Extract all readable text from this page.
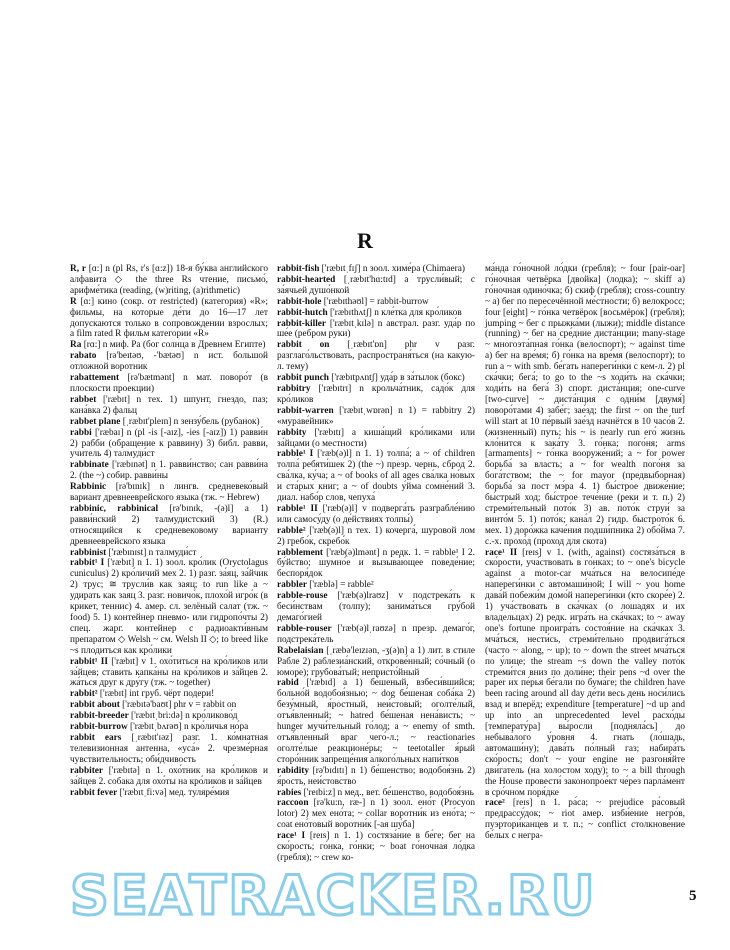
R

R, r [ɑ:] n (pl Rs, r's [ɑ:z]) 18-я бу́ква английского алфавита ◇ the three Rs чтение, письмо́, арифме́тика (reading, (w)riting, (a)rithmetic)

R [ɑ:] кино (сокр. от restricted) (категория) «R»; фильмы, на которые де́ти до 16—17 лет допускаются только в сопровождении взрослых; a film rated R фильм категории «R»

Ra [rɑ:] n миф. Ра (бог солнца в Древнем Египте)

rabato [rə'beɪtəʊ, -'bætəʊ] n ист. большой отложной воротник

rabattement [rə'bætmənt] n мат. поворо́т (в плоскости проекции)

rabbet ['ræbɪt] n тех. 1) шпунт, гнездо, паз; кана́вка 2) фальц

rabbet plane [ˌræbɪt'pleɪn] n зензу́бель (рубанок)

rabbi ['ræbaɪ] n (pl -is [-aɪz], -ies [-aɪz]) 1) равви́н 2) рабби (обращение к раввину) 3) библ. равви, учитель 4) талмуди́ст

rabbinate ['ræbɪnət] n 1. равви́нство; сан равви́на 2. (the ~) собир. равви́ны

Rabbinic [rə'bɪnɪk] n лингв. средневеко́вый вариант древнееврейского языка (тж. ~ Hebrew)

rabbinic, rabbinical [rə'bɪnɪk, -(ə)l] a 1) равви́нский 2) талмудистский 3) (R.) относящийся к средневековому варианту древнееврейского языка

rabbinist ['ræbɪnɪst] n талмуди́ст

rabbit¹ I ['ræbɪt] n 1. 1) зоол. кро́лик (Oryctolagus cuniculus) 2) кро́личий мех 2. 1) разг. за́яц, за́йчик 2) трус; ≅ трусли́в как заяц; to run like a ~ удирать как заяц 3. разг. новичо́к, плохо́й игро́к (в крикет, теннис) 4. амер. сл. зелёный салат (тж. ~ food) 5. 1) контейнер пневмо- или гидропо́чты 2) спец. жарг. контейнер с радиоакти́вным препаратом ◇ Welsh ~ см. Welsh II ◇; to breed like ~s плодиться как кро́лики

rabbit¹ II ['ræbɪt] v 1. охо́титься на кро́ликов или за́йцев; ставить капка́ны на кро́ликов и за́йцев 2. жа́ться друг к дру́гу (тж. ~ together)

rabbit² ['ræbɪt] int груб. чёрт подери!

rabbit about ['ræbɪtə'baʊt] phr v = rabbit on

rabbit-breeder ['ræbɪtˌbri:də] n кро́ликово́д

rabbit-burrow ['ræbɪtˌbʌrəʊ] n кро́личья но́ра

rabbit ears [ˌræbɪt'ɪəz] разг. 1. ко́мнатная телевизионная антенна, «уса́» 2. чрезме́рная чувствительность; оби́дчивость

rabbiter ['ræbɪtə] n 1. охо́тник на кро́ликов и за́йцев 2. собака для охо́ты на кро́ликов и за́йцев

rabbit fever ['ræbɪtˌfi:və] мед. туляре́мия

rabbit-fish ['ræbɪtˌfɪʃ] n зоол. химе́ра (Chimaera)

rabbit-hearted [ˌræbɪt'hɑ:tɪd] a трусли́вый; с за́ячьей душо́нкой

rabbit-hole ['ræbɪthəʊl] = rabbit-burrow

rabbit-hutch ['ræbɪthʌtʃ] n кле́тка для кро́ликов

rabbit-killer ['ræbɪtˌkɪlə] n австрал. разг. уда́р по ше́е (ребром руки)

rabbit on [ˌræbɪt'ɒn] phr v разг. разглаго́льствовать, распространя́ться (на какую-л. тему)

rabbit punch ['ræbɪtpʌntʃ] уда́р в за́тылок (бокс)

rabbitry ['ræbɪtrɪ] n крольча́тник, садо́к для кро́ликов

rabbit-warren ['ræbɪtˌwɒrən] n 1) = rabbitry 2) «мураве́йник»

rabbity ['ræbɪtɪ] a киша́щий кро́ликами или за́йцами (о местности)

rabble¹ I ['ræb(ə)l] n 1. 1) толпа́; a ~ of children толпа́ ребяти́шек 2) (the ~) презр. чернь, сброд 2. сва́лка, ку́ча; a ~ of books of all ages сва́лка но́вых и ста́рых книг; a ~ of doubts у́йма сомне́ний 3. диал. набо́р слов, чепуха́

rabble¹ II ['ræb(ə)l] v подверга́ть разграбле́нию или самосу́ду (о де́йствиях толпы́)

rabble² ['ræb(ə)l] n тех. 1) кочерга́, шуровой лом 2) гребо́к, скребо́к

rabblement ['ræb(ə)lmənt] n редк. 1. = rabble¹ I 2. бу́йство; шумно́е и вызыва́ющее поведе́ние; беспоря́док

rabbler ['ræblə] = rabble²

rabble-rouse ['ræb(ə)lraʊz] v подстрека́ть к беси́нствам (толпу); занима́ться гру́бой демаго́гией

rabble-rouser ['ræb(ə)lˌraʊzə] n презр. демаго́г, подстрека́тель

Rabelaisian [ˌræbə'leɪzɪən, -ʒ(ə)n] a 1) лит. в стиле Рабле 2) раблезиа́нский, открове́нный; со́чный (о юморе); грубова́тый; непристо́йный

rabid ['ræbɪd] a 1) бе́шеный, взбеси́вшийся; больно́й водобоя́знью; ~ dog бе́шеная соба́ка 2) безу́мный, я́ростный, неи́стовый; оголте́лый, отъя́вленный; ~ hatred бе́шеная нена́висть; ~ hunger мучи́тельный го́лод; a ~ enemy of smth. отъя́вленный враг чего́-л.; ~ reactionaries оголте́лые реакционе́ры; ~ teetotaller я́рый сторо́нник запреще́ния алкого́льных напи́тков

rabidity [rə'bɪdɪtɪ] n 1) бе́шенство; водобоя́знь 2) я́рость, неи́стовство

rabies ['reɪbi:z] n мед., вет. бе́шенство, водобоя́знь

raccoon [rə'ku:n, ræ-] n 1) зоол. ено́т (Procyon lotor) 2) мех ено́та; ~ collar воротни́к из ено́та; ~ coat ено́товый воротни́к [-ая шу́ба]

race¹ I [reɪs] n 1. 1) состяза́ние в бе́ге; бег на ско́рость; го́нка, го́нки; ~ boat го́ночная ло́дка (гребля); ~ crew ко-

ма́нда го́ночной ло́дки (гребля); ~ four [pair-oar] го́ночная четвёрка [двойка] (лодка); ~ skiff a) го́ночная одино́чка; б) скиф (гребля); cross-country ~ a) бег по пересечённой ме́стности; б) велокросс; four [eight] ~ го́нка четвёрок [восьмёрок] (гребля); jumping ~ бег с прыжка́ми (лыжи); middle distance (running) ~ бег на сре́дние диста́нции; many-stage ~ многоэта́пная го́нка (велоспорт); ~ against time a) бег на вре́мя; б) го́нка на вре́мя (велоспорт); to run a ~ with smb. бе́гать напереги́нки с кем-л. 2) pl ска́чки; бега́; to go to the ~s ходи́ть на ска́чки; ходи́ть на бега́ 3) спорт. диста́нция; one-curve [two-curve] ~ диста́нция с одни́м [двумя́] поворо́тами 4) забе́г; зае́зд; the first ~ on the turf will start at 10 пе́рвый зае́зд начнётся в 10 часо́в 2. (жизненный) путь; his ~ is nearly run его́ жизнь кло́нится к зака́ту 3. го́нка; пого́ня; arms [armaments] ~ го́нка вооруже́ний; a ~ for power борьба́ за власть; a ~ for wealth пого́ня за бога́тством; the ~ for mayor (предвыборная) борьба́ за пост мэ́ра 4. 1) бы́строе движе́ние; бы́стрый ход; бы́строе тече́ние (реки и т. п.) 2) стреми́тельный пото́к 3) ав. пото́к струи́ за винто́м 5. 1) пото́к; кана́л 2) гидр. быстрото́к 6. мех. 1) доро́жка каче́ния подши́пника 2) обо́йма 7. с.-х. прохо́д (проход для скота)

race¹ II [reɪs] v 1. (with, against) состяза́ться в ско́рости, уча́ствовать в го́нках; to ~ one's bicycle against a motor-car мча́ться на велосипе́де напереги́нки с автомаши́ной; I will ~ you home дава́й побежи́м домо́й напереги́нки (кто скоре́е) 2. 1) уча́ствовать в ска́чках (о лошадях и их владельцах) 2) редк. игра́ть на ска́чках; to ~ away one's fortune проигра́ть состоя́ние на ска́чках 3. мча́ться, нести́сь, стреми́тельно продвига́ться (часто ~ along, ~ up); to ~ down the street мча́ться по у́лице; the stream ~s down the valley пото́к стреми́тся вниз по доли́не; their pens ~d over the paper их пе́рья бе́гали по бума́ге; the children have been racing around all day де́ти весь день носи́лись взад и вперёд; expenditure [temperature] ~d up and up into an unprecedented level расхо́ды [температу́ра] вы́росли [подняла́сь] до небыва́лого у́ровня 4. гнать (ло́шадь, автомаши́ну); дава́ть по́лный газ; набира́ть ско́рость; don't ~ your engine не разгоня́йте дви́гатель (на холостом ходу); to ~ a bill through the House провести́ законопрое́кт че́рез парла́мент в сро́чном поря́дке

race² [reɪs] n 1. ра́са; ~ prejudice ра́совый предрассу́док; ~ riot амер. изби́ение негро́в, пуэртори́канцев и т. п.; ~ conflict столкнове́ние бе́лых с негра-

SEATRACKER.RU	5
